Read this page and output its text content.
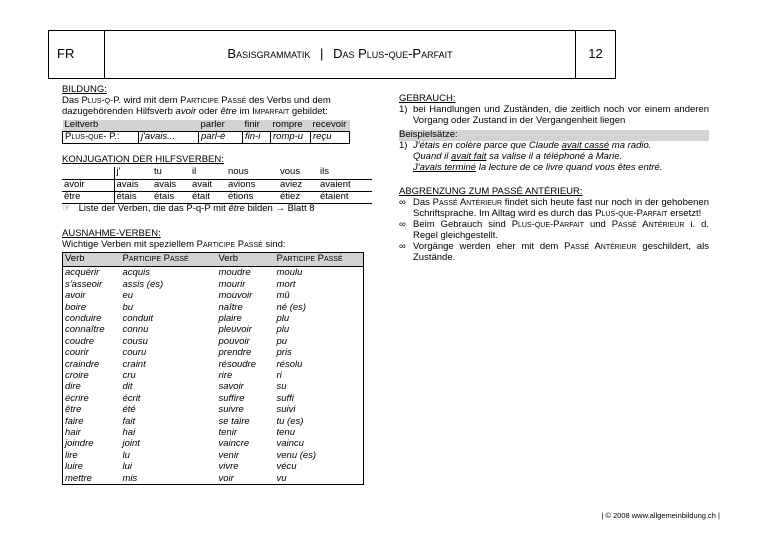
FR	Basisgrammatik | Das Plus-que-Parfait	12
BILDUNG:
Das Plus-q-P. wird mit dem Participe Passé des Verbs und dem
dazugehörenden Hilfsverb avoir oder être im Imparfait gebildet:
Leitverb		parler	finir	rompre	recevoir
Plus-que- P.:	j'avais...	parl-é	fin-i	romp-u	reçu
KONJUGATION DER HILFSVERBEN:
	j'	tu	il	nous	vous	ils
avoir	avais	avais	avait	avions	aviez	avaient
être	étais	étais	était	étions	étiez	étaient
☞ Liste der Verben, die das P-q-P mit être bilden → Blatt 8
AUSNAHME-VERBEN:
Wichtige Verben mit speziellem Participe Passé sind:
Verb	Participe Passé	Verb	Participe Passé
acquérir	acquis	moudre	moulu
s'asseoir	assis (es)	mourir	mort
avoir	eu	mouvoir	mû
boire	bu	naître	né (es)
conduire	conduit	plaire	plu
connaître	connu	pleuvoir	plu
coudre	cousu	pouvoir	pu
courir	couru	prendre	pris
craindre	craint	résoudre	résolu
croire	cru	rire	ri
dire	dit	savoir	su
écrire	écrit	suffire	suffi
être	été	suivre	suivi
faire	fait	se taire	tu (es)
hair	hai	tenir	tenu
joindre	joint	vaincre	vaincu
lire	lu	venir	venu (es)
luire	lui	vivre	vécu
mettre	mis	voir	vu
GEBRAUCH:
1) bei Handlungen und Zuständen, die zeitlich noch vor einem anderen Vorgang oder Zustand in der Vergangenheit liegen
Beispielsätze:
1) J'étais en colère parce que Claude avait cassé ma radio.
Quand il avait fait sa valise il a téléphoné à Marie.
J'avais terminé la lecture de ce livre quand vous êtes entré.
ABGRENZUNG ZUM PASSÉ ANTÉRIEUR:
∞ Das Passé Antérieur findet sich heute fast nur noch in der gehobenen Schriftsprache. Im Alltag wird es durch das Plus-que-Parfait ersetzt!
∞ Beim Gebrauch sind Plus-que-Parfait und Passé Antérieur i. d. Regel gleichgestellt.
∞ Vorgänge werden eher mit dem Passé Antérieur geschildert, als Zustände.
| © 2008 www.allgemeinbildung.ch |
